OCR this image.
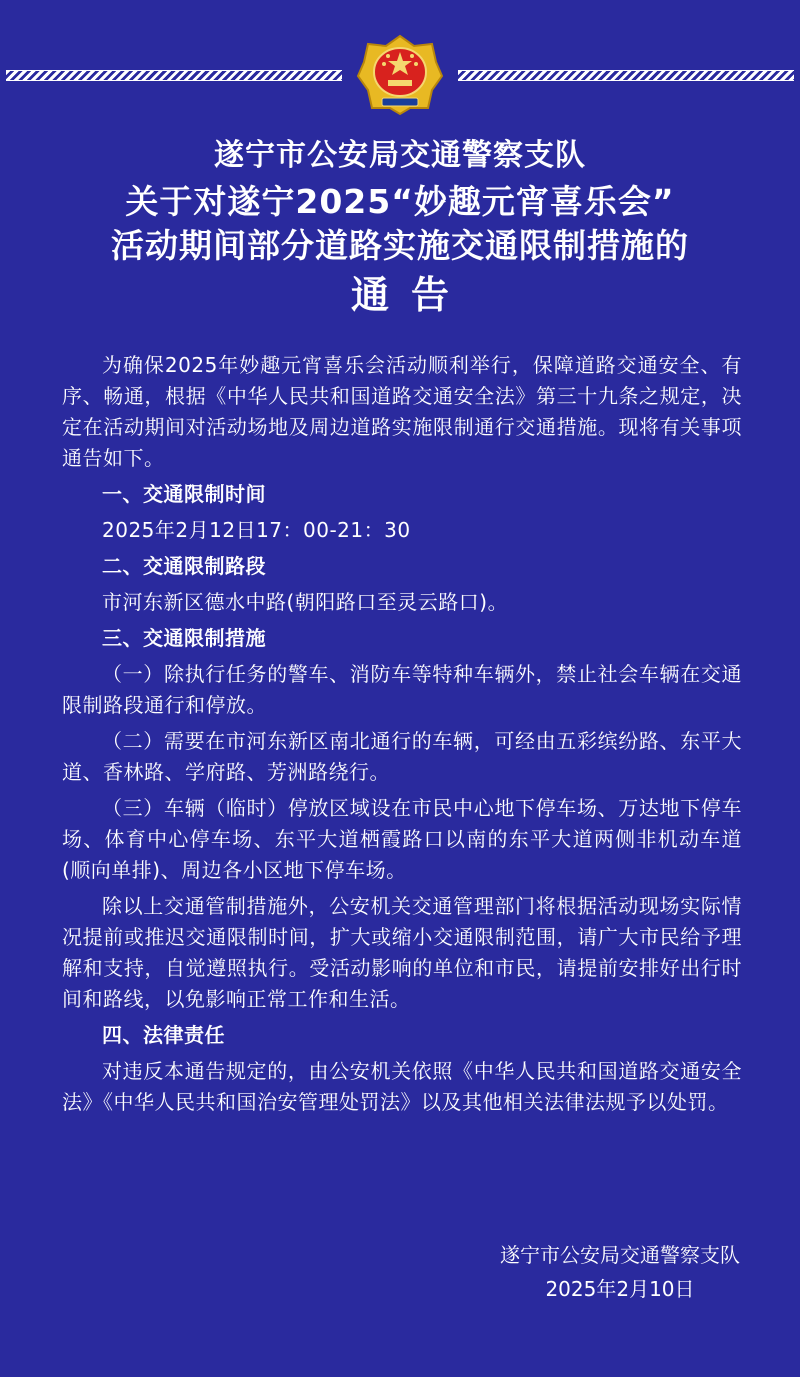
遂宁市公安局交通警察支队
关于对遂宁2025“妙趣元宵喜乐会”
活动期间部分道路实施交通限制措施的
通告

为确保2025年妙趣元宵喜乐会活动顺利举行，保障道路交通安全、有序、畅通，根据《中华人民共和国道路交通安全法》第三十九条之规定，决定在活动期间对活动场地及周边道路实施限制通行交通措施。现将有关事项通告如下。

一、交通限制时间

2025年2月12日17：00-21：30

二、交通限制路段

市河东新区德水中路(朝阳路口至灵云路口)。

三、交通限制措施

（一）除执行任务的警车、消防车等特种车辆外，禁止社会车辆在交通限制路段通行和停放。

（二）需要在市河东新区南北通行的车辆，可经由五彩缤纷路、东平大道、香林路、学府路、芳洲路绕行。

（三）车辆（临时）停放区域设在市民中心地下停车场、万达地下停车场、体育中心停车场、东平大道栖霞路口以南的东平大道两侧非机动车道(顺向单排)、周边各小区地下停车场。

除以上交通管制措施外，公安机关交通管理部门将根据活动现场实际情况提前或推迟交通限制时间，扩大或缩小交通限制范围，请广大市民给予理解和支持，自觉遵照执行。受活动影响的单位和市民，请提前安排好出行时间和路线，以免影响正常工作和生活。

四、法律责任

对违反本通告规定的，由公安机关依照《中华人民共和国道路交通安全法》《中华人民共和国治安管理处罚法》以及其他相关法律法规予以处罚。

遂宁市公安局交通警察支队
2025年2月10日
